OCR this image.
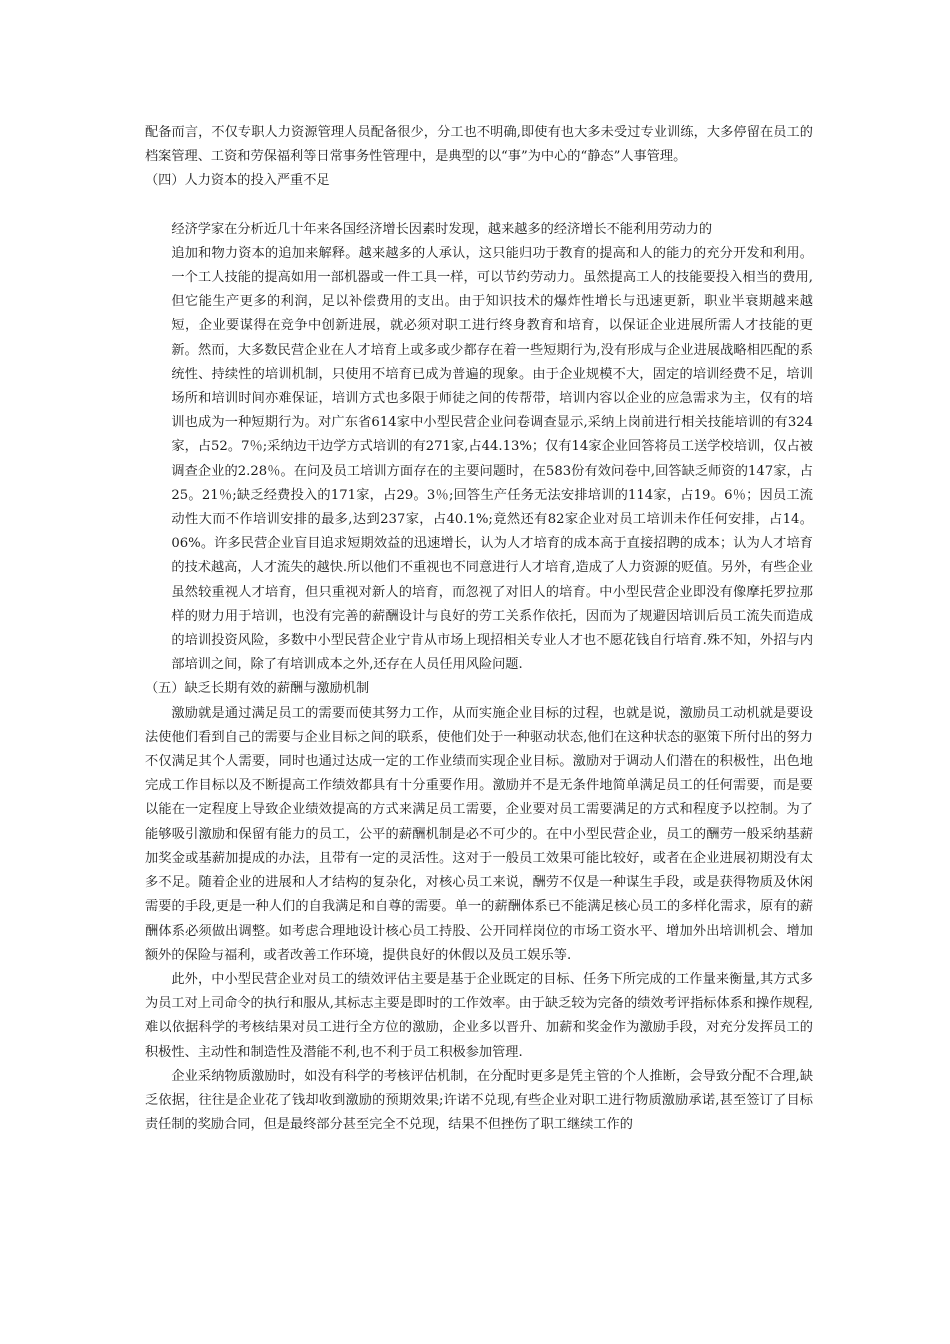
配备而言，不仅专职人力资源管理人员配备很少，分工也不明确,即使有也大多未受过专业训练，大多停留在员工的档案管理、工资和劳保福利等日常事务性管理中，是典型的以“事”为中心的“静态”人事管理。

（四）人力资本的投入严重不足

经济学家在分析近几十年来各国经济增长因素时发现，越来越多的经济增长不能利用劳动力的

追加和物力资本的追加来解释。越来越多的人承认，这只能归功于教育的提高和人的能力的充分开发和利用。一个工人技能的提高如用一部机器或一件工具一样，可以节约劳动力。虽然提高工人的技能要投入相当的费用,但它能生产更多的利润，足以补偿费用的支出。由于知识技术的爆炸性增长与迅速更新，职业半衰期越来越短，企业要谋得在竞争中创新进展，就必须对职工进行终身教育和培育，以保证企业进展所需人才技能的更新。然而，大多数民营企业在人才培育上或多或少都存在着一些短期行为,没有形成与企业进展战略相匹配的系统性、持续性的培训机制，只使用不培育已成为普遍的现象。由于企业规模不大，固定的培训经费不足，培训场所和培训时间亦难保证，培训方式也多限于师徒之间的传帮带，培训内容以企业的应急需求为主，仅有的培训也成为一种短期行为。对广东省614家中小型民营企业问卷调查显示,采纳上岗前进行相关技能培训的有324家，占52。7％;采纳边干边学方式培训的有271家,占44.13%；仅有14家企业回答将员工送学校培训，仅占被调查企业的2.28％。在问及员工培训方面存在的主要问题时，在583份有效问卷中,回答缺乏师资的147家，占25。21％;缺乏经费投入的171家，占29。3％;回答生产任务无法安排培训的114家，占19。6％；因员工流动性大而不作培训安排的最多,达到237家，占40.1%;竟然还有82家企业对员工培训未作任何安排，占14。06%。许多民营企业盲目追求短期效益的迅速增长，认为人才培育的成本高于直接招聘的成本；认为人才培育的技术越高，人才流失的越快.所以他们不重视也不同意进行人才培育,造成了人力资源的贬值。另外，有些企业虽然较重视人才培育，但只重视对新人的培育，而忽视了对旧人的培育。中小型民营企业即没有像摩托罗拉那样的财力用于培训，也没有完善的薪酬设计与良好的劳工关系作依托，因而为了规避因培训后员工流失而造成的培训投资风险，多数中小型民营企业宁肯从市场上现招相关专业人才也不愿花钱自行培育.殊不知，外招与内部培训之间，除了有培训成本之外,还存在人员任用风险问题.

（五）缺乏长期有效的薪酬与激励机制

激励就是通过满足员工的需要而使其努力工作，从而实施企业目标的过程，也就是说，激励员工动机就是要设法使他们看到自己的需要与企业目标之间的联系，使他们处于一种驱动状态,他们在这种状态的驱策下所付出的努力不仅满足其个人需要，同时也通过达成一定的工作业绩而实现企业目标。激励对于调动人们潜在的积极性，出色地完成工作目标以及不断提高工作绩效都具有十分重要作用。激励并不是无条件地简单满足员工的任何需要，而是要以能在一定程度上导致企业绩效提高的方式来满足员工需要，企业要对员工需要满足的方式和程度予以控制。为了能够吸引激励和保留有能力的员工，公平的薪酬机制是必不可少的。在中小型民营企业，员工的酬劳一般采纳基薪加奖金或基薪加提成的办法，且带有一定的灵活性。这对于一般员工效果可能比较好，或者在企业进展初期没有太多不足。随着企业的进展和人才结构的复杂化，对核心员工来说，酬劳不仅是一种谋生手段，或是获得物质及休闲需要的手段,更是一种人们的自我满足和自尊的需要。单一的薪酬体系已不能满足核心员工的多样化需求，原有的薪酬体系必须做出调整。如考虑合理地设计核心员工持股、公开同样岗位的市场工资水平、增加外出培训机会、增加额外的保险与福利，或者改善工作环境，提供良好的休假以及员工娱乐等.

此外，中小型民营企业对员工的绩效评估主要是基于企业既定的目标、任务下所完成的工作量来衡量,其方式多为员工对上司命令的执行和服从,其标志主要是即时的工作效率。由于缺乏较为完备的绩效考评指标体系和操作规程,难以依据科学的考核结果对员工进行全方位的激励，企业多以晋升、加薪和奖金作为激励手段，对充分发挥员工的积极性、主动性和制造性及潜能不利,也不利于员工积极参加管理.

企业采纳物质激励时，如没有科学的考核评估机制，在分配时更多是凭主管的个人推断，会导致分配不合理,缺乏依据，往往是企业花了钱却收到激励的预期效果;许诺不兑现,有些企业对职工进行物质激励承诺,甚至签订了目标责任制的奖励合同，但是最终部分甚至完全不兑现，结果不但挫伤了职工继续工作的
